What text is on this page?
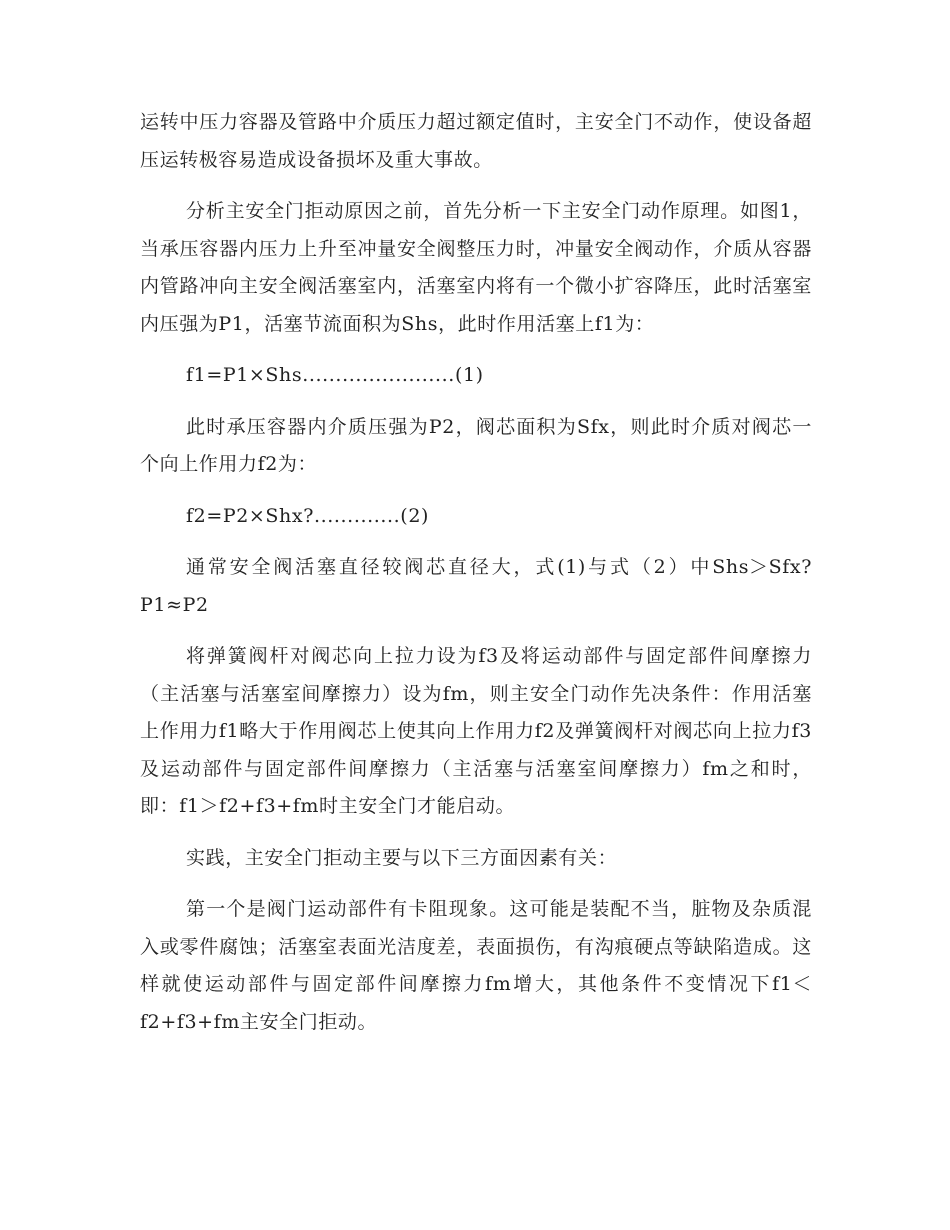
运转中压力容器及管路中介质压力超过额定值时，主安全门不动作，使设备超压运转极容易造成设备损坏及重大事故。

分析主安全门拒动原因之前，首先分析一下主安全门动作原理。如图1，当承压容器内压力上升至冲量安全阀整压力时，冲量安全阀动作，介质从容器内管路冲向主安全阀活塞室内，活塞室内将有一个微小扩容降压，此时活塞室内压强为P1，活塞节流面积为Shs，此时作用活塞上f1为：

f1=P1×Shs.......................(1)

此时承压容器内介质压强为P2，阀芯面积为Sfx，则此时介质对阀芯一个向上作用力f2为：

f2=P2×Shx?.............(2)

通常安全阀活塞直径较阀芯直径大，式(1)与式（2）中Shs＞Sfx?P1≈P2

将弹簧阀杆对阀芯向上拉力设为f3及将运动部件与固定部件间摩擦力（主活塞与活塞室间摩擦力）设为fm，则主安全门动作先决条件：作用活塞上作用力f1略大于作用阀芯上使其向上作用力f2及弹簧阀杆对阀芯向上拉力f3及运动部件与固定部件间摩擦力（主活塞与活塞室间摩擦力）fm之和时，即：f1＞f2+f3+fm时主安全门才能启动。

实践，主安全门拒动主要与以下三方面因素有关：

第一个是阀门运动部件有卡阻现象。这可能是装配不当，脏物及杂质混入或零件腐蚀；活塞室表面光洁度差，表面损伤，有沟痕硬点等缺陷造成。这样就使运动部件与固定部件间摩擦力fm增大，其他条件不变情况下f1＜f2+f3+fm主安全门拒动。
